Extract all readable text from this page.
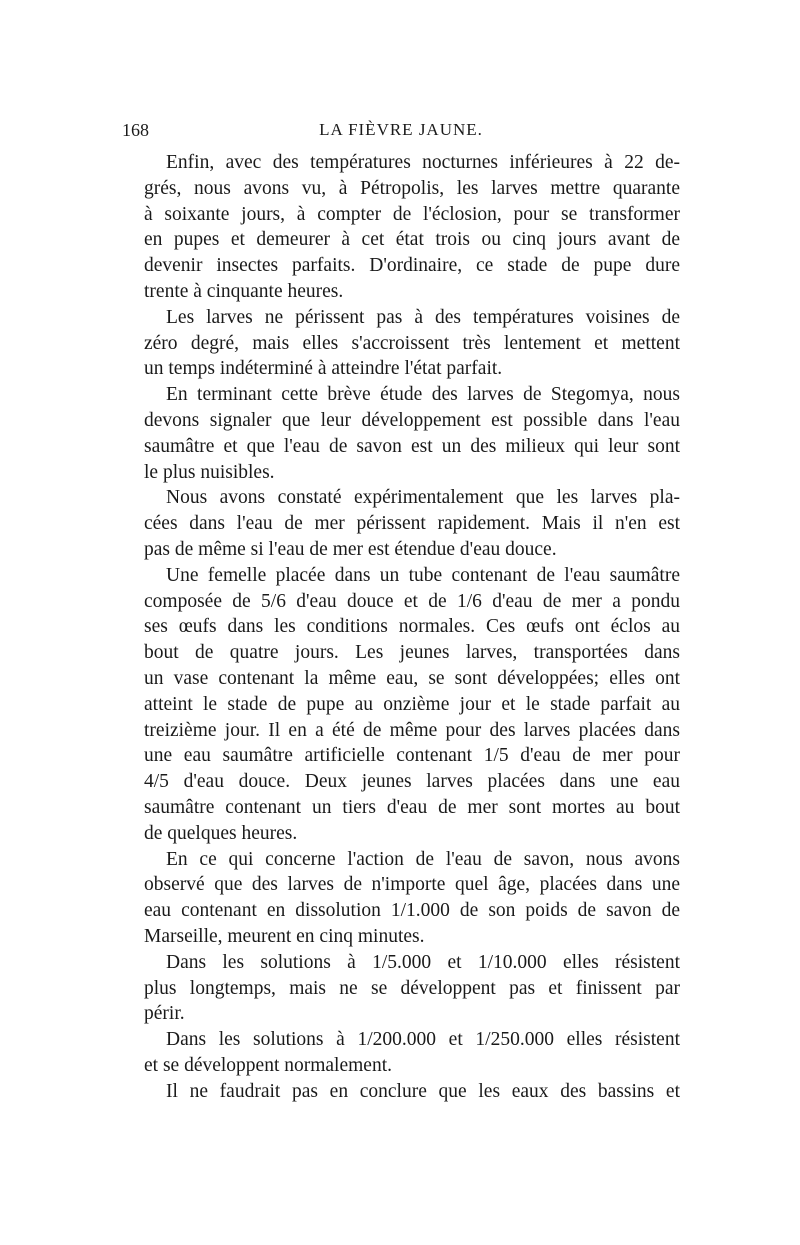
168	LA FIÈVRE JAUNE.
Enfin, avec des températures nocturnes inférieures à 22 de-
grés, nous avons vu, à Pétropolis, les larves mettre quarante
à soixante jours, à compter de l'éclosion, pour se transformer
en pupes et demeurer à cet état trois ou cinq jours avant de
devenir insectes parfaits. D'ordinaire, ce stade de pupe dure
trente à cinquante heures.
Les larves ne périssent pas à des températures voisines de
zéro degré, mais elles s'accroissent très lentement et mettent
un temps indéterminé à atteindre l'état parfait.
En terminant cette brève étude des larves de Stegomya, nous
devons signaler que leur développement est possible dans l'eau
saumâtre et que l'eau de savon est un des milieux qui leur sont
le plus nuisibles.
Nous avons constaté expérimentalement que les larves pla-
cées dans l'eau de mer périssent rapidement. Mais il n'en est
pas de même si l'eau de mer est étendue d'eau douce.
Une femelle placée dans un tube contenant de l'eau saumâtre
composée de 5/6 d'eau douce et de 1/6 d'eau de mer a pondu
ses œufs dans les conditions normales. Ces œufs ont éclos au
bout de quatre jours. Les jeunes larves, transportées dans
un vase contenant la même eau, se sont développées; elles ont
atteint le stade de pupe au onzième jour et le stade parfait au
treizième jour. Il en a été de même pour des larves placées dans
une eau saumâtre artificielle contenant 1/5 d'eau de mer pour
4/5 d'eau douce. Deux jeunes larves placées dans une eau
saumâtre contenant un tiers d'eau de mer sont mortes au bout
de quelques heures.
En ce qui concerne l'action de l'eau de savon, nous avons
observé que des larves de n'importe quel âge, placées dans une
eau contenant en dissolution 1/1.000 de son poids de savon de
Marseille, meurent en cinq minutes.
Dans les solutions à 1/5.000 et 1/10.000 elles résistent
plus longtemps, mais ne se développent pas et finissent par
périr.
Dans les solutions à 1/200.000 et 1/250.000 elles résistent
et se développent normalement.
Il ne faudrait pas en conclure que les eaux des bassins et
